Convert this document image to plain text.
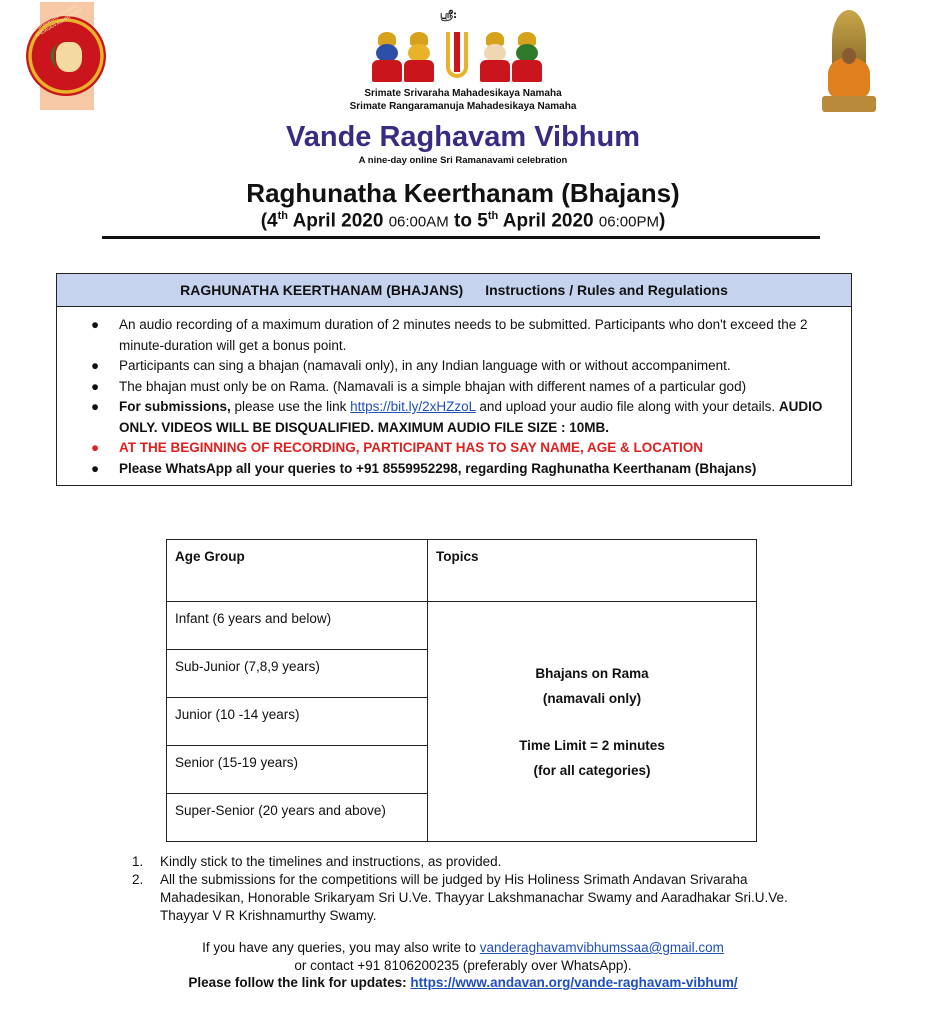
SRIRANGAM SRIMAD ANDAVAN ASHRAMAM	ஶ்ரீ:
Srimate Srivaraha Mahadesikaya Namaha
Srimate Rangaramanuja Mahadesikaya Namaha
Vande Raghavam Vibhum
A nine-day online Sri Ramanavami celebration
Raghunatha Keerthanam (Bhajans)
(4th April 2020 06:00AM to 5th April 2020 06:00PM)
RAGHUNATHA KEERTHANAM (BHAJANS) Instructions / Rules and Regulations
● An audio recording of a maximum duration of 2 minutes needs to be submitted. Participants who don't exceed the 2 minute-duration will get a bonus point.
● Participants can sing a bhajan (namavali only), in any Indian language with or without accompaniment.
● The bhajan must only be on Rama. (Namavali is a simple bhajan with different names of a particular god)
● For submissions, please use the link https://bit.ly/2xHZzoL and upload your audio file along with your details. AUDIO ONLY. VIDEOS WILL BE DISQUALIFIED. MAXIMUM AUDIO FILE SIZE : 10MB.
● AT THE BEGINNING OF RECORDING, PARTICIPANT HAS TO SAY NAME, AGE & LOCATION
● Please WhatsApp all your queries to +91 8559952298, regarding Raghunatha Keerthanam (Bhajans)
Age Group	Topics
Infant (6 years and below)	Bhajans on Rama
(namavali only)
Time Limit = 2 minutes
(for all categories)

Sub-Junior (7,8,9 years)	
Junior (10 -14 years)	
Senior (15-19 years)	
Super-Senior (20 years and above)	
1. Kindly stick to the timelines and instructions, as provided.
2. All the submissions for the competitions will be judged by His Holiness Srimath Andavan Srivaraha Mahadesikan, Honorable Srikaryam Sri U.Ve. Thayyar Lakshmanachar Swamy and Aaradhakar Sri.U.Ve. Thayyar V R Krishnamurthy Swamy.
If you have any queries, you may also write to vanderaghavamvibhumssaa@gmail.com
or contact +91 8106200235 (preferably over WhatsApp).
Please follow the link for updates: https://www.andavan.org/vande-raghavam-vibhum/
